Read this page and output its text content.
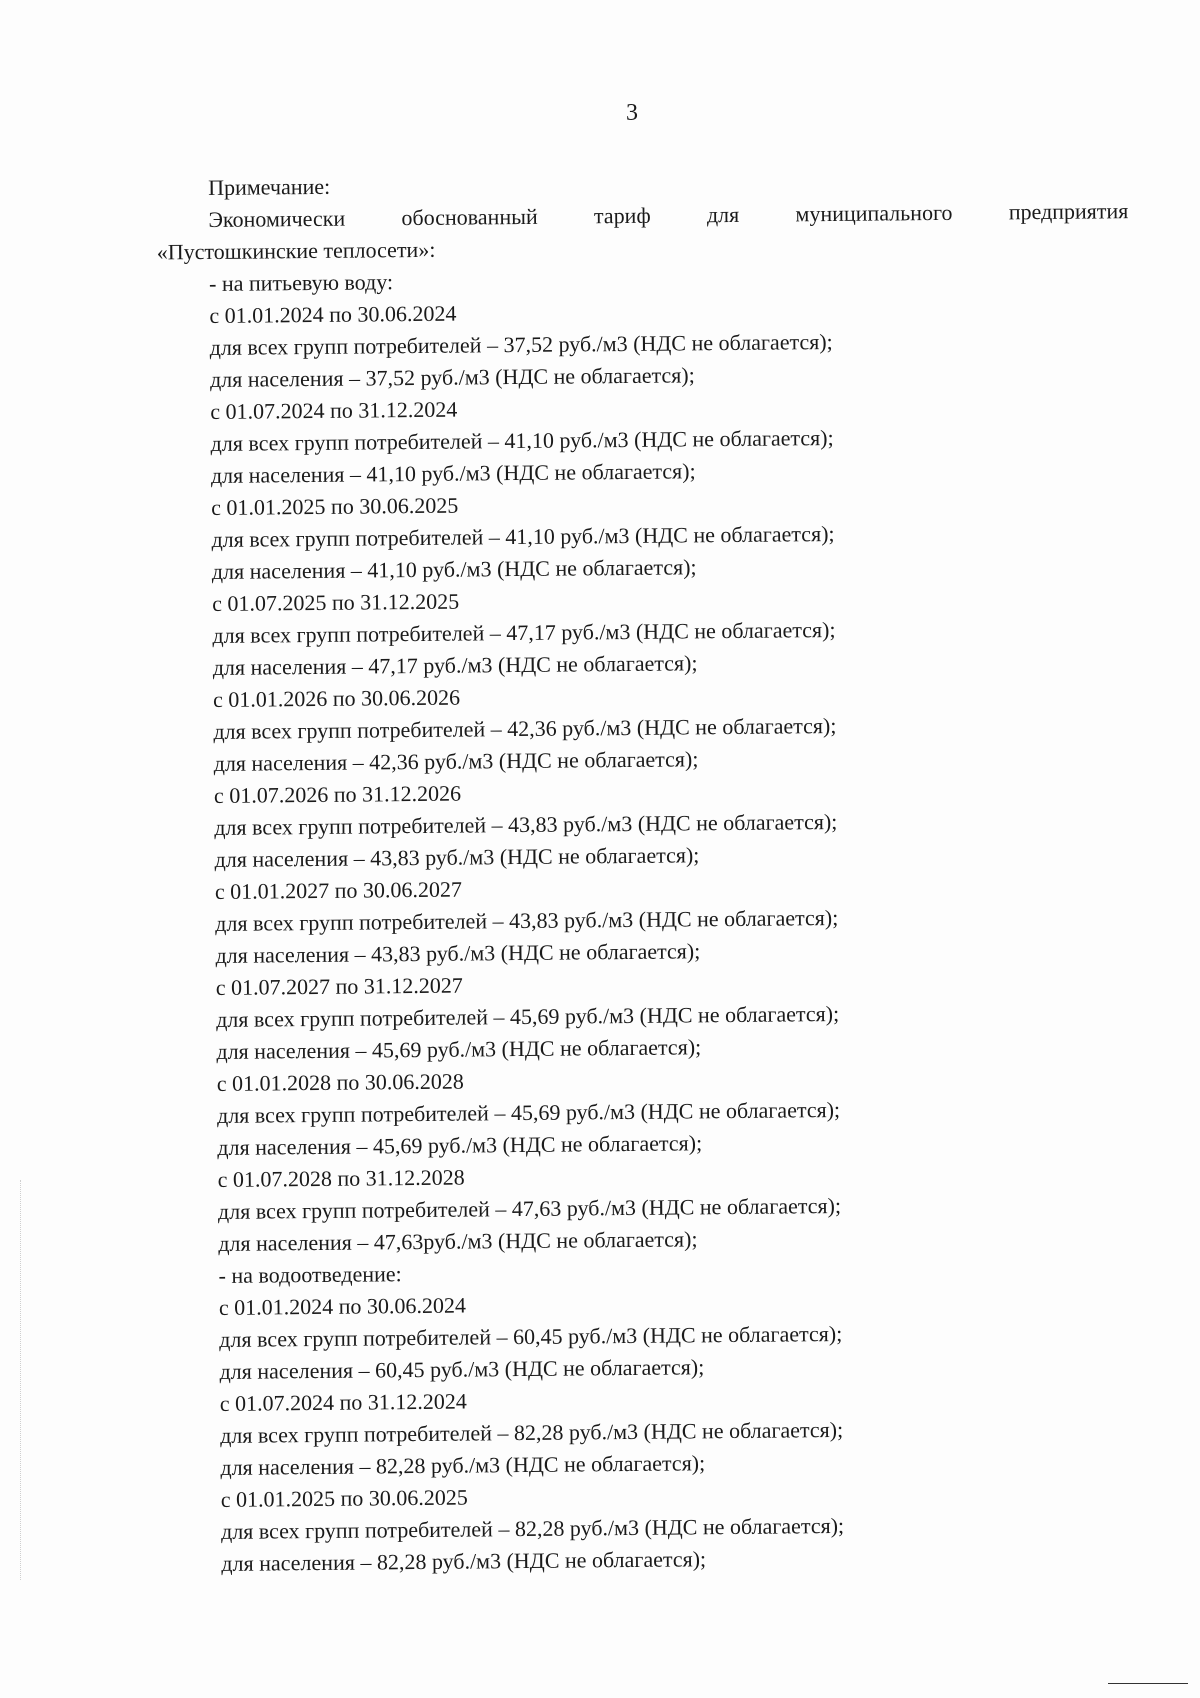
3
Примечание:
Экономически	обоснованный	тариф	для	муниципального	предприятия
«Пустошкинские теплосети»:
- на питьевую воду:
с 01.01.2024 по 30.06.2024
для всех групп потребителей – 37,52 руб./м3 (НДС не облагается);
для населения – 37,52 руб./м3 (НДС не облагается);
с 01.07.2024 по 31.12.2024
для всех групп потребителей – 41,10 руб./м3 (НДС не облагается);
для населения – 41,10 руб./м3 (НДС не облагается);
с 01.01.2025 по 30.06.2025
для всех групп потребителей – 41,10 руб./м3 (НДС не облагается);
для населения – 41,10 руб./м3 (НДС не облагается);
с 01.07.2025 по 31.12.2025
для всех групп потребителей – 47,17 руб./м3 (НДС не облагается);
для населения – 47,17 руб./м3 (НДС не облагается);
с 01.01.2026 по 30.06.2026
для всех групп потребителей – 42,36 руб./м3 (НДС не облагается);
для населения – 42,36 руб./м3 (НДС не облагается);
с 01.07.2026 по 31.12.2026
для всех групп потребителей – 43,83 руб./м3 (НДС не облагается);
для населения – 43,83 руб./м3 (НДС не облагается);
с 01.01.2027 по 30.06.2027
для всех групп потребителей – 43,83 руб./м3 (НДС не облагается);
для населения – 43,83 руб./м3 (НДС не облагается);
с 01.07.2027 по 31.12.2027
для всех групп потребителей – 45,69 руб./м3 (НДС не облагается);
для населения – 45,69 руб./м3 (НДС не облагается);
с 01.01.2028 по 30.06.2028
для всех групп потребителей – 45,69 руб./м3 (НДС не облагается);
для населения – 45,69 руб./м3 (НДС не облагается);
с 01.07.2028 по 31.12.2028
для всех групп потребителей – 47,63 руб./м3 (НДС не облагается);
для населения – 47,63руб./м3 (НДС не облагается);
- на водоотведение:
с 01.01.2024 по 30.06.2024
для всех групп потребителей – 60,45 руб./м3 (НДС не облагается);
для населения – 60,45 руб./м3 (НДС не облагается);
с 01.07.2024 по 31.12.2024
для всех групп потребителей – 82,28 руб./м3 (НДС не облагается);
для населения – 82,28 руб./м3 (НДС не облагается);
с 01.01.2025 по 30.06.2025
для всех групп потребителей – 82,28 руб./м3 (НДС не облагается);
для населения – 82,28 руб./м3 (НДС не облагается);
